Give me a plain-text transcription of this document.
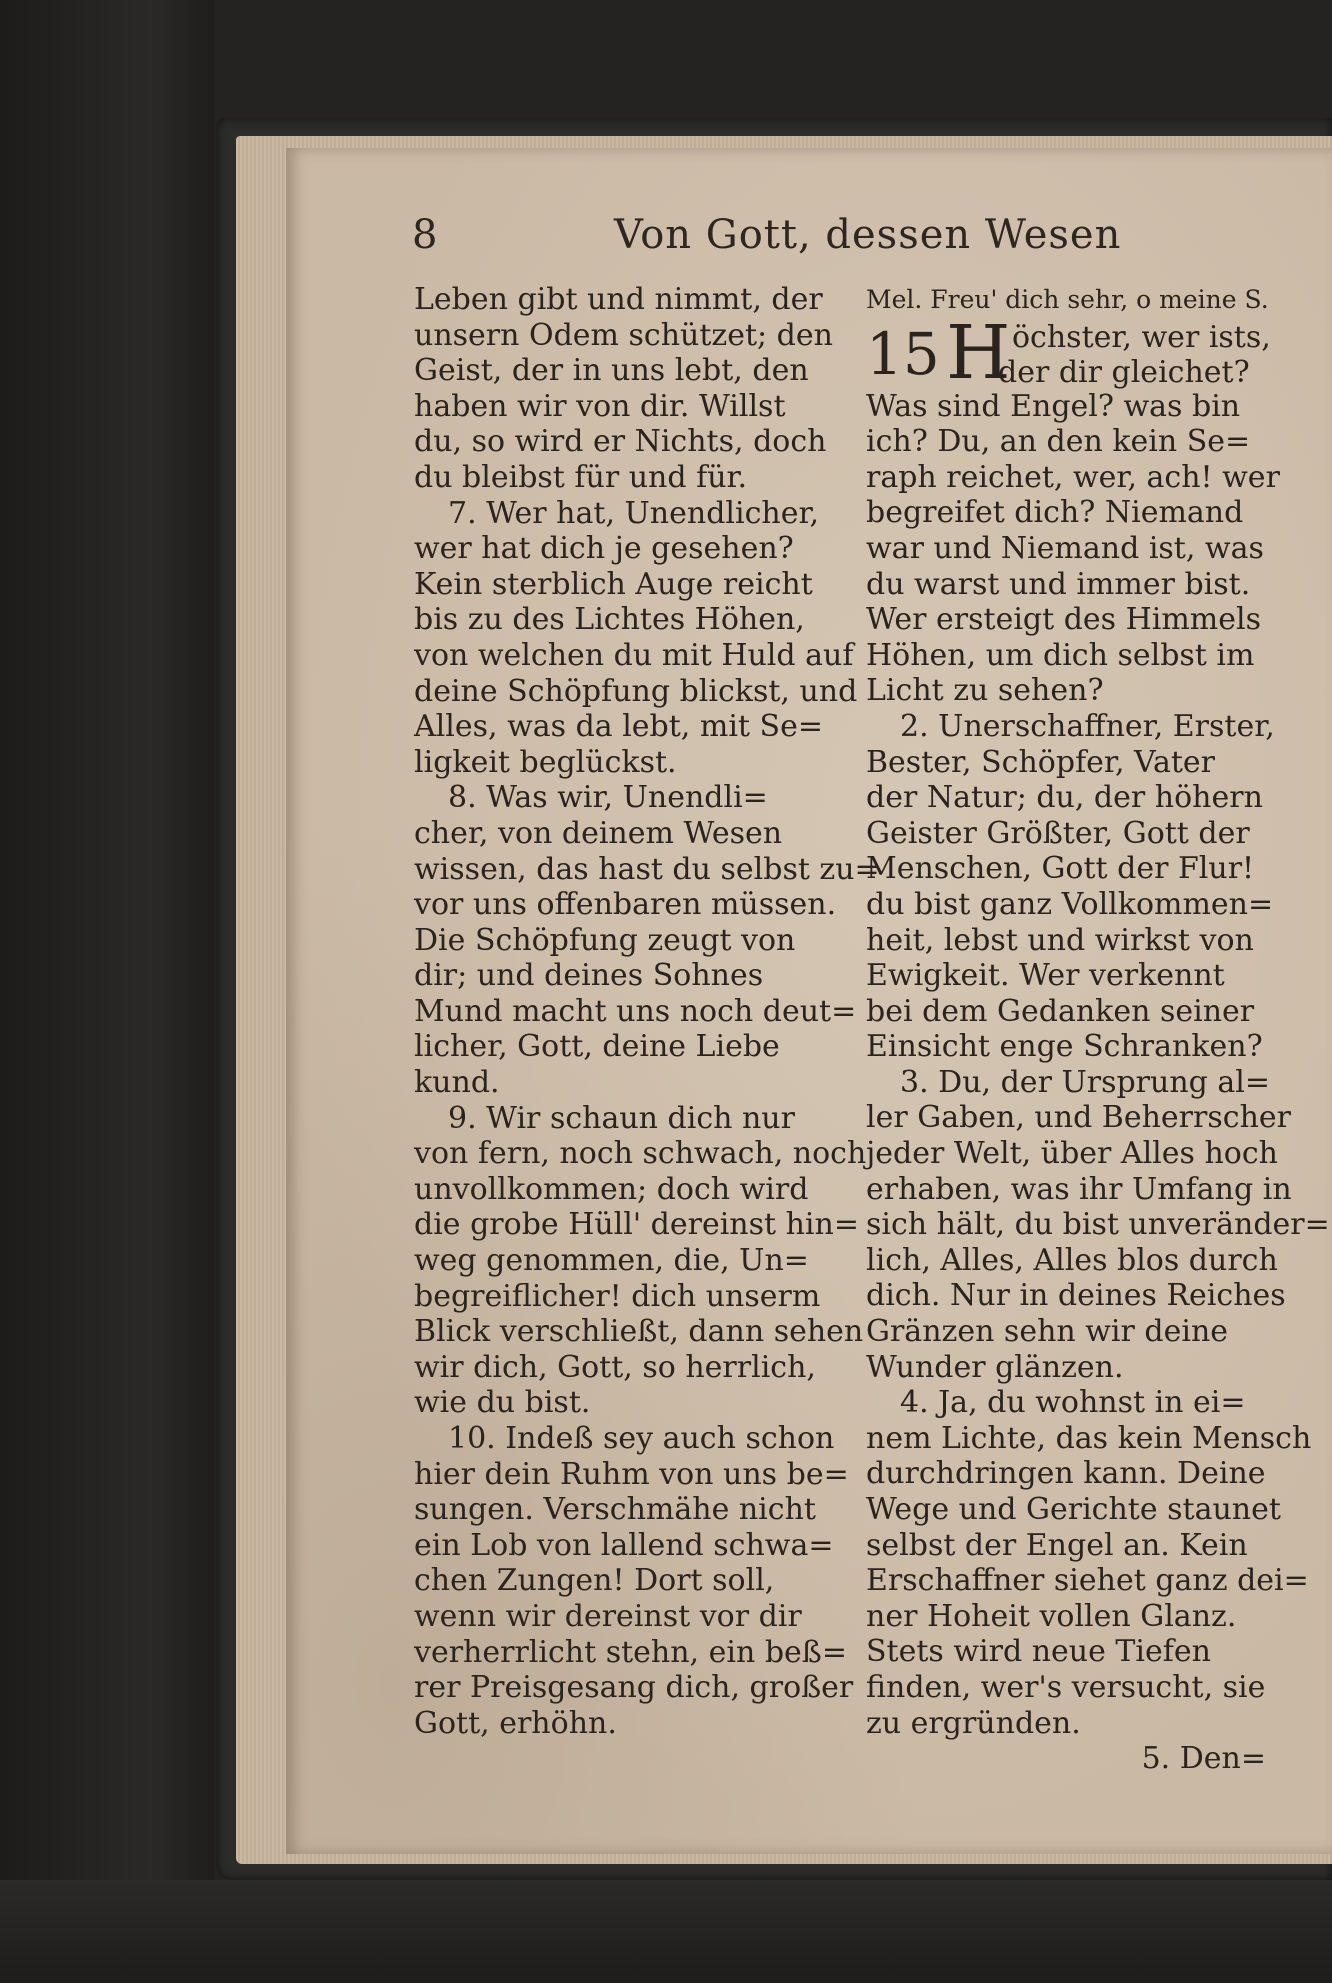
8	Von Gott, dessen Wesen
Leben gibt und nimmt, der
unsern Odem schützet; den
Geist, der in uns lebt, den
haben wir von dir. Willst
du, so wird er Nichts, doch
du bleibst für und für.
7. Wer hat, Unendlicher,
wer hat dich je gesehen?
Kein sterblich Auge reicht
bis zu des Lichtes Höhen,
von welchen du mit Huld auf
deine Schöpfung blickst, und
Alles, was da lebt, mit Se=
ligkeit beglückst.
8. Was wir, Unendli=
cher, von deinem Wesen
wissen, das hast du selbst zu=
vor uns offenbaren müssen.
Die Schöpfung zeugt von
dir; und deines Sohnes
Mund macht uns noch deut=
licher, Gott, deine Liebe
kund.
9. Wir schaun dich nur
von fern, noch schwach, noch
unvollkommen; doch wird
die grobe Hüll' dereinst hin=
weg genommen, die, Un=
begreiflicher! dich unserm
Blick verschließt, dann sehen
wir dich, Gott, so herrlich,
wie du bist.
10. Indeß sey auch schon
hier dein Ruhm von uns be=
sungen. Verschmähe nicht
ein Lob von lallend schwa=
chen Zungen! Dort soll,
wenn wir dereinst vor dir
verherrlicht stehn, ein beß=
rer Preisgesang dich, großer
Gott, erhöhn.
Mel. Freu' dich sehr, o meine S.
15 H öchster, wer ists,
der dir gleichet?
Was sind Engel? was bin
ich? Du, an den kein Se=
raph reichet, wer, ach! wer
begreifet dich? Niemand
war und Niemand ist, was
du warst und immer bist.
Wer ersteigt des Himmels
Höhen, um dich selbst im
Licht zu sehen?
2. Unerschaffner, Erster,
Bester, Schöpfer, Vater
der Natur; du, der höhern
Geister Größter, Gott der
Menschen, Gott der Flur!
du bist ganz Vollkommen=
heit, lebst und wirkst von
Ewigkeit. Wer verkennt
bei dem Gedanken seiner
Einsicht enge Schranken?
3. Du, der Ursprung al=
ler Gaben, und Beherrscher
jeder Welt, über Alles hoch
erhaben, was ihr Umfang in
sich hält, du bist unveränder=
lich, Alles, Alles blos durch
dich. Nur in deines Reiches
Gränzen sehn wir deine
Wunder glänzen.
4. Ja, du wohnst in ei=
nem Lichte, das kein Mensch
durchdringen kann. Deine
Wege und Gerichte staunet
selbst der Engel an. Kein
Erschaffner siehet ganz dei=
ner Hoheit vollen Glanz.
Stets wird neue Tiefen
finden, wer's versucht, sie
zu ergründen.
5. Den=
